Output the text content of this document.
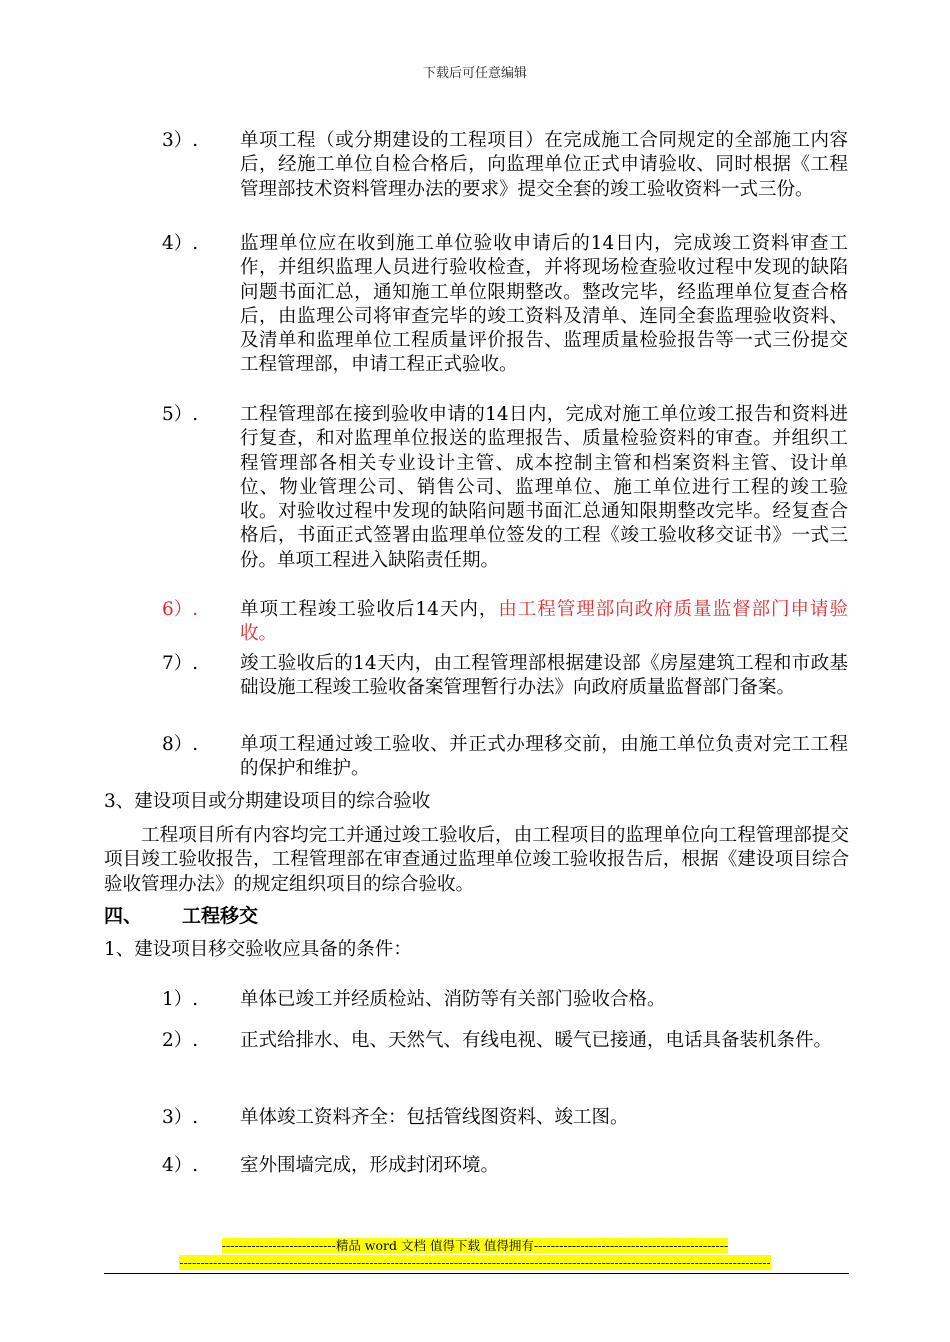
下载后可任意编辑
3）.	单项工程（或分期建设的工程项目）在完成施工合同规定的全部施工内容后，经施工单位自检合格后，向监理单位正式申请验收、同时根据《工程管理部技术资料管理办法的要求》提交全套的竣工验收资料一式三份。
4）.	监理单位应在收到施工单位验收申请后的14日内，完成竣工资料审查工作，并组织监理人员进行验收检查，并将现场检查验收过程中发现的缺陷问题书面汇总，通知施工单位限期整改。整改完毕，经监理单位复查合格后，由监理公司将审查完毕的竣工资料及清单、连同全套监理验收资料、及清单和监理单位工程质量评价报告、监理质量检验报告等一式三份提交工程管理部，申请工程正式验收。
5）.	工程管理部在接到验收申请的14日内，完成对施工单位竣工报告和资料进行复查，和对监理单位报送的监理报告、质量检验资料的审查。并组织工程管理部各相关专业设计主管、成本控制主管和档案资料主管、设计单位、物业管理公司、销售公司、监理单位、施工单位进行工程的竣工验收。对验收过程中发现的缺陷问题书面汇总通知限期整改完毕。经复查合格后，书面正式签署由监理单位签发的工程《竣工验收移交证书》一式三份。单项工程进入缺陷责任期。
6）.	单项工程竣工验收后14天内，由工程管理部向政府质量监督部门申请验收。
7）.	竣工验收后的14天内，由工程管理部根据建设部《房屋建筑工程和市政基础设施工程竣工验收备案管理暂行办法》向政府质量监督部门备案。
8）.	单项工程通过竣工验收、并正式办理移交前，由施工单位负责对完工工程的保护和维护。
3、建设项目或分期建设项目的综合验收
工程项目所有内容均完工并通过竣工验收后，由工程项目的监理单位向工程管理部提交项目竣工验收报告，工程管理部在审查通过监理单位竣工验收报告后，根据《建设项目综合验收管理办法》的规定组织项目的综合验收。
四、 工程移交
1、建设项目移交验收应具备的条件：
1）.	单体已竣工并经质检站、消防等有关部门验收合格。
2）.	正式给排水、电、天然气、有线电视、暖气已接通，电话具备装机条件。
3）.	单体竣工资料齐全：包括管线图资料、竣工图。
4）.	室外围墙完成，形成封闭环境。
---------------------------精品 word 文档 值得下载 值得拥有----------------------------------------------
--------------------------------------------------------------------------------------------------------------------------------------------
